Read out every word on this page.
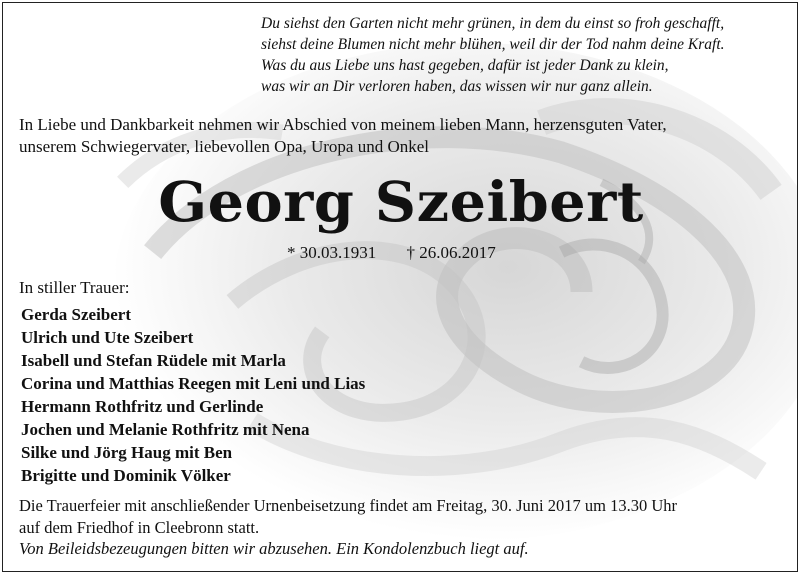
Du siehst den Garten nicht mehr grünen, in dem du einst so froh geschafft,
siehst deine Blumen nicht mehr blühen, weil dir der Tod nahm deine Kraft.
Was du aus Liebe uns hast gegeben, dafür ist jeder Dank zu klein,
was wir an Dir verloren haben, das wissen wir nur ganz allein.
In Liebe und Dankbarkeit nehmen wir Abschied von meinem lieben Mann, herzensguten Vater,
unserem Schwiegervater, liebevollen Opa, Uropa und Onkel
Georg Szeibert
* 30.03.1931 † 26.06.2017
In stiller Trauer:
Gerda Szeibert
Ulrich und Ute Szeibert
Isabell und Stefan Rüdele mit Marla
Corina und Matthias Reegen mit Leni und Lias
Hermann Rothfritz und Gerlinde
Jochen und Melanie Rothfritz mit Nena
Silke und Jörg Haug mit Ben
Brigitte und Dominik Völker
Die Trauerfeier mit anschließender Urnenbeisetzung findet am Freitag, 30. Juni 2017 um 13.30 Uhr
auf dem Friedhof in Cleebronn statt.
Von Beileidsbezeugungen bitten wir abzusehen. Ein Kondolenzbuch liegt auf.
